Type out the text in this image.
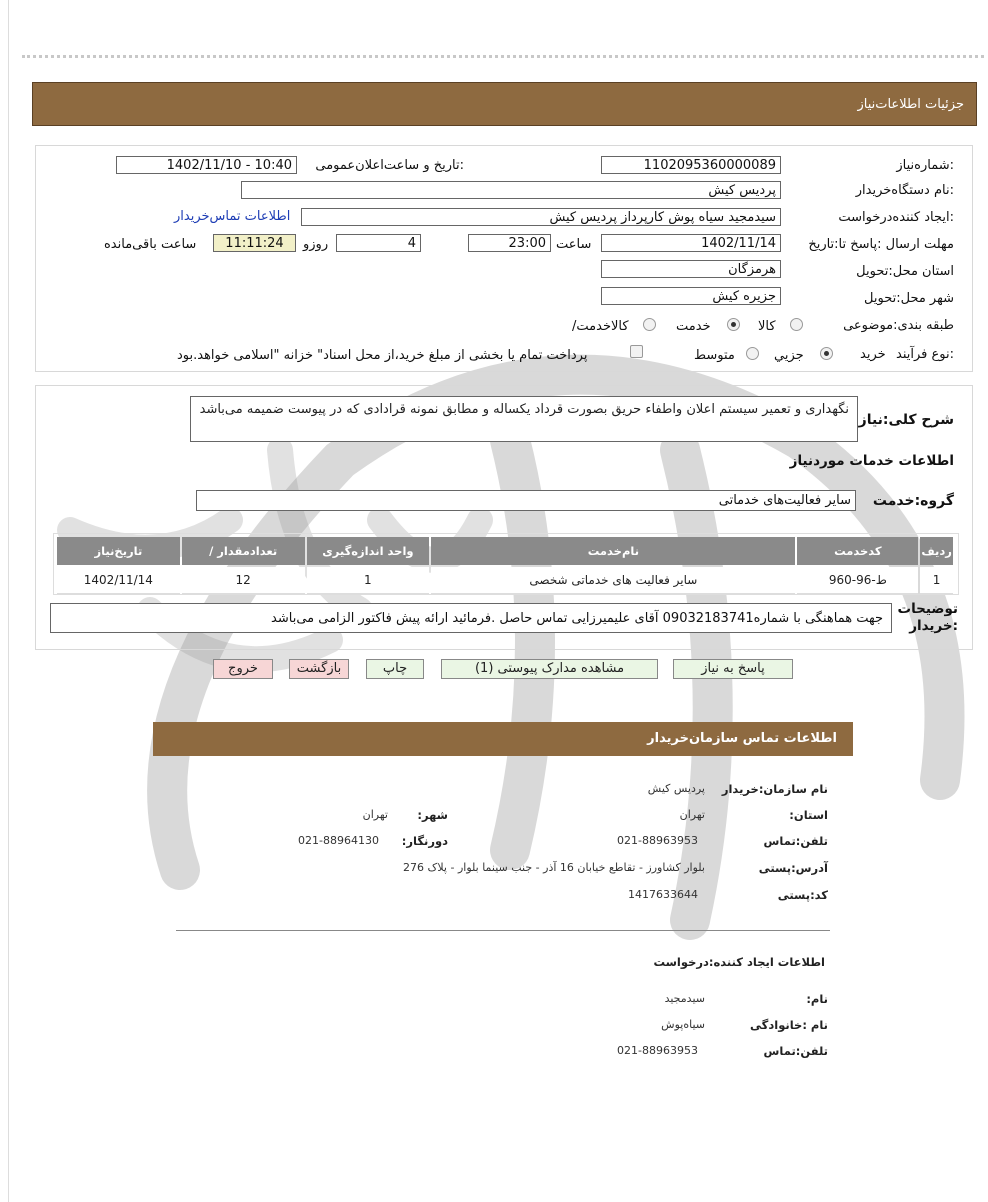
جزئیات اطلاعات‌نیاز
شماره‌نیاز:
1102095360000089
تاریخ و ساعت‌اعلان‌عمومی:
1402/11/10 - 10:40
نام دستگاه‌خریدار:
پردیس کیش
ایجاد کننده‌درخواست:
سیدمجید سیاه پوش کارپرداز پردیس کیش
اطلاعات تماس‌خریدار
مهلت ارسال :پاسخ تا:تاریخ
1402/11/14
ساعت
23:00
4
روزو
11:11:24
ساعت باقی‌مانده
استان محل:تحویل
هرمزگان
شهر محل:تحویل
جزیره کیش
طبقه بندی:موضوعی
کالا
خدمت
/کالاخدمت
نوع فرآیند:
خرید
جزیي
متوسط
پرداخت تمام یا بخشی از مبلغ خرید،از محل اسناد" خزانه "اسلامی خواهد.بود
شرح کلی:نیاز
نگهداری و تعمیر سیستم اعلان واطفاء حریق بصورت قرداد یکساله و مطابق نمونه قرادادی که در پیوست ضمیمه می‌باشد
اطلاعات خدمات موردنیاز
گروه:خدمت
سایر فعالیت‌های خدماتی
تاریخ‌نیاز	/ تعدادمقدار	واحد اندازه‌گیری	نام‌خدمت	کدخدمت	ردیف
1402/11/14	12	1	سایر فعالیت های خدماتی شخصی	ط-96-960	1
توضیحات :خریدار
جهت هماهنگی با شماره09032183741 آقای علیمیرزایی تماس حاصل .فرمائید ارائه پیش فاکتور الزامی می‌باشد
پاسخ به نیاز
مشاهده مدارک پیوستی (1)
چاپ
بازگشت
خروج
اطلاعات تماس سازمان‌خریدار
نام سازمان:خریدار
پردیس کیش
:استان
تهران
:شهر
تهران
تلفن:تماس
021-88963953
:دورنگار
021-88964130
آدرس:پستی
بلوار کشاورز - تقاطع خیابان 16 آذر - جنب سینما بلوار - پلاک 276
کد:پستی
1417633644
اطلاعات ایجاد کننده:درخواست
:نام
سیدمجید
نام :خانوادگی
سیاه‌پوش
تلفن:تماس
021-88963953
